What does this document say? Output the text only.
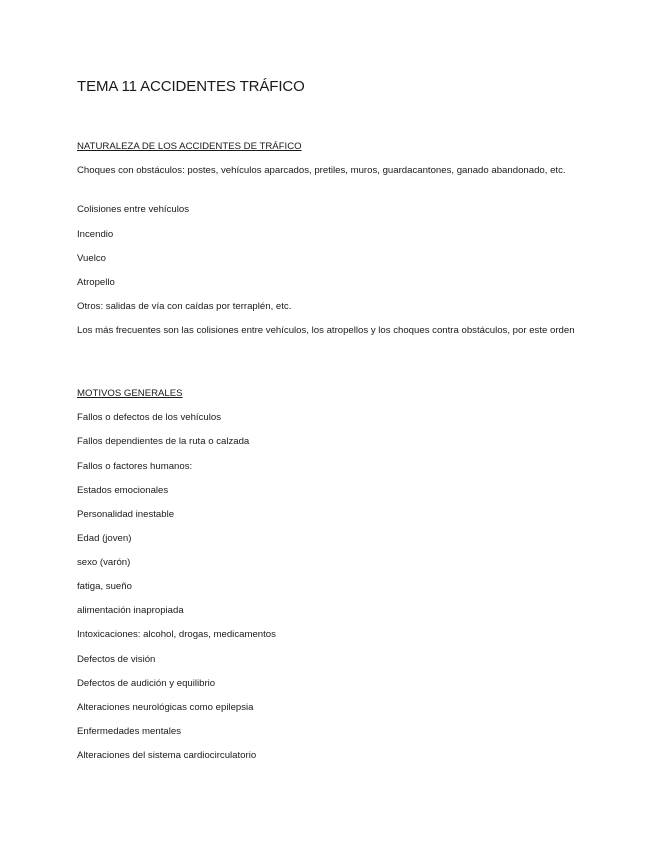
TEMA 11 ACCIDENTES TRÁFICO
NATURALEZA DE LOS ACCIDENTES DE TRÁFICO

Choques con obstáculos: postes, vehículos aparcados, pretiles, muros, guardacantones, ganado abandonado, etc.

Colisiones entre vehículos

Incendio

Vuelco

Atropello

Otros: salidas de vía con caídas por terraplén, etc.

Los más frecuentes son las colisiones entre vehículos, los atropellos y los choques contra obstáculos, por este orden

MOTIVOS GENERALES

Fallos o defectos de los vehículos

Fallos dependientes de la ruta o calzada

Fallos o factores humanos:

Estados emocionales

Personalidad inestable

Edad (joven)

sexo (varón)

fatiga, sueño

alimentación inapropiada

Intoxicaciones: alcohol, drogas, medicamentos

Defectos de visión

Defectos de audición y equilibrio

Alteraciones neurológicas como epilepsia

Enfermedades mentales

Alteraciones del sistema cardiocirculatorio
